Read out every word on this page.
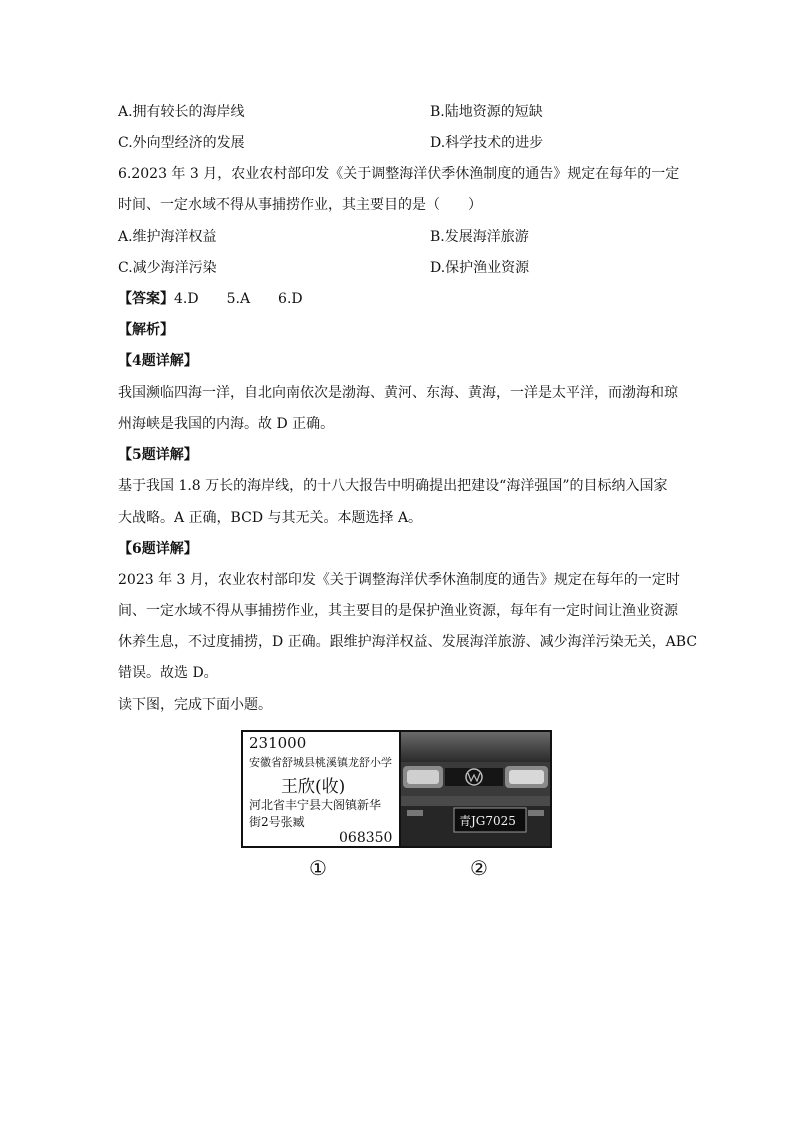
A.拥有较长的海岸线	B.陆地资源的短缺
C.外向型经济的发展	D.科学技术的进步
6.2023 年 3 月，农业农村部印发《关于调整海洋伏季休渔制度的通告》规定在每年的一定
时间、一定水域不得从事捕捞作业，其主要目的是（　　）
A.维护海洋权益	B.发展海洋旅游
C.减少海洋污染	D.保护渔业资源
【答案】4.D　　5.A　　6.D
【解析】
【4题详解】
我国濒临四海一洋，自北向南依次是渤海、黄河、东海、黄海，一洋是太平洋，而渤海和琼
州海峡是我国的内海。故 D 正确。
【5题详解】
基于我国 1.8 万长的海岸线，的十八大报告中明确提出把建设“海洋强国”的目标纳入国家
大战略。A 正确，BCD 与其无关。本题选择 A。
【6题详解】
2023 年 3 月，农业农村部印发《关于调整海洋伏季休渔制度的通告》规定在每年的一定时
间、一定水域不得从事捕捞作业，其主要目的是保护渔业资源，每年有一定时间让渔业资源
休养生息，不过度捕捞，D 正确。跟维护海洋权益、发展海洋旅游、减少海洋污染无关，ABC
错误。故选 D。
读下图，完成下面小题。
231000
安徽省舒城县桃溪镇龙舒小学
王欣(收)
河北省丰宁县大阁镇新华
街2号张臧
068350
青JG7025
①	②
